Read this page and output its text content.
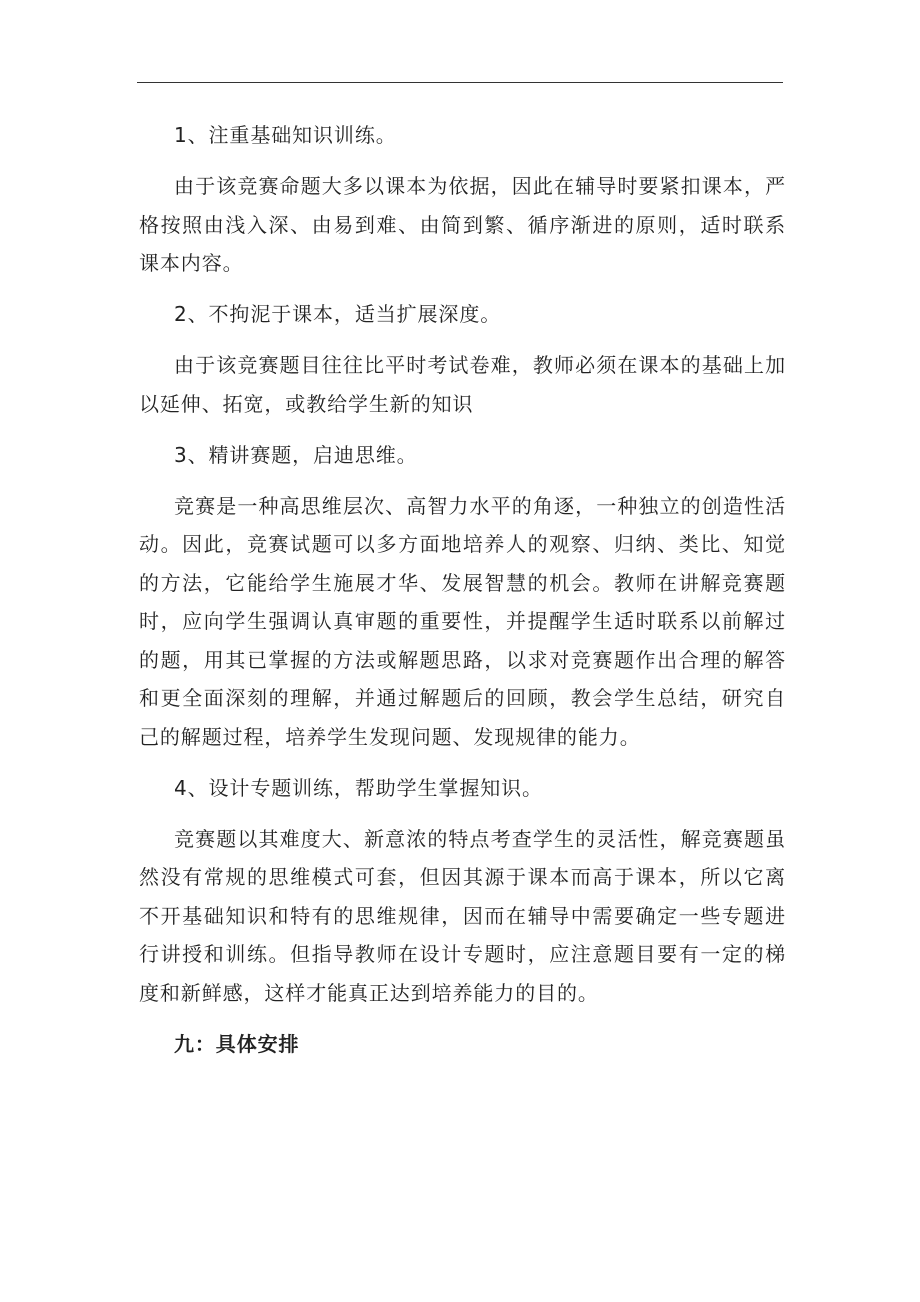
1、注重基础知识训练。

由于该竞赛命题大多以课本为依据，因此在辅导时要紧扣课本，严格按照由浅入深、由易到难、由简到繁、循序渐进的原则，适时联系课本内容。

2、不拘泥于课本，适当扩展深度。

由于该竞赛题目往往比平时考试卷难，教师必须在课本的基础上加以延伸、拓宽，或教给学生新的知识

3、精讲赛题，启迪思维。

竞赛是一种高思维层次、高智力水平的角逐，一种独立的创造性活动。因此，竞赛试题可以多方面地培养人的观察、归纳、类比、知觉的方法，它能给学生施展才华、发展智慧的机会。教师在讲解竞赛题时，应向学生强调认真审题的重要性，并提醒学生适时联系以前解过的题，用其已掌握的方法或解题思路，以求对竞赛题作出合理的解答和更全面深刻的理解，并通过解题后的回顾，教会学生总结，研究自己的解题过程，培养学生发现问题、发现规律的能力。

4、设计专题训练，帮助学生掌握知识。

竞赛题以其难度大、新意浓的特点考查学生的灵活性，解竞赛题虽然没有常规的思维模式可套，但因其源于课本而高于课本，所以它离不开基础知识和特有的思维规律，因而在辅导中需要确定一些专题进行讲授和训练。但指导教师在设计专题时，应注意题目要有一定的梯度和新鲜感，这样才能真正达到培养能力的目的。

九：具体安排
